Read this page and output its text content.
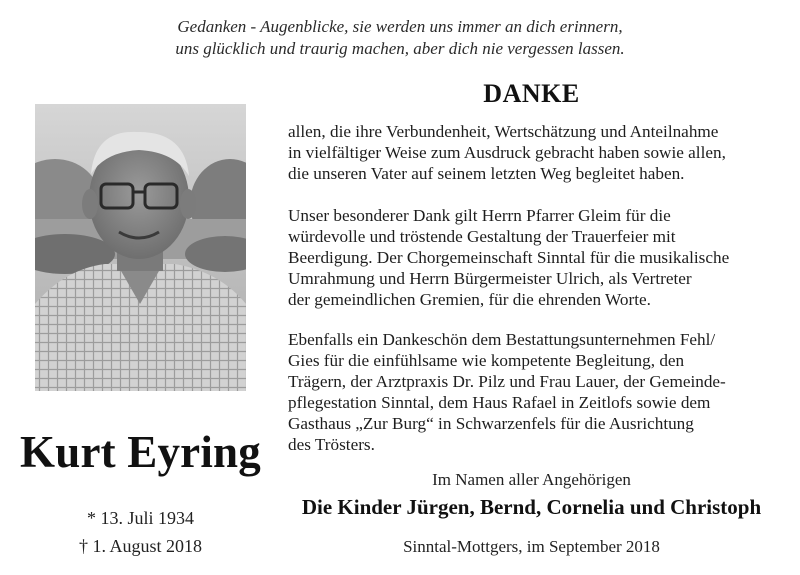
Gedanken - Augenblicke, sie werden uns immer an dich erinnern,
uns glücklich und traurig machen, aber dich nie vergessen lassen.
Kurt Eyring
* 13. Juli 1934
† 1. August 2018
DANKE
allen, die ihre Verbundenheit, Wertschätzung und Anteilnahme
in vielfältiger Weise zum Ausdruck gebracht haben sowie allen,
die unseren Vater auf seinem letzten Weg begleitet haben.
Unser besonderer Dank gilt Herrn Pfarrer Gleim für die
würdevolle und tröstende Gestaltung der Trauerfeier mit
Beerdigung. Der Chorgemeinschaft Sinntal für die musikalische
Umrahmung und Herrn Bürgermeister Ulrich, als Vertreter
der gemeindlichen Gremien, für die ehrenden Worte.
Ebenfalls ein Dankeschön dem Bestattungsunternehmen Fehl/
Gies für die einfühlsame wie kompetente Begleitung, den
Trägern, der Arztpraxis Dr. Pilz und Frau Lauer, der Gemeinde-
pflegestation Sinntal, dem Haus Rafael in Zeitlofs sowie dem
Gasthaus „Zur Burg“ in Schwarzenfels für die Ausrichtung
des Trösters.
Im Namen aller Angehörigen
Die Kinder Jürgen, Bernd, Cornelia und Christoph
Sinntal-Mottgers, im September 2018
